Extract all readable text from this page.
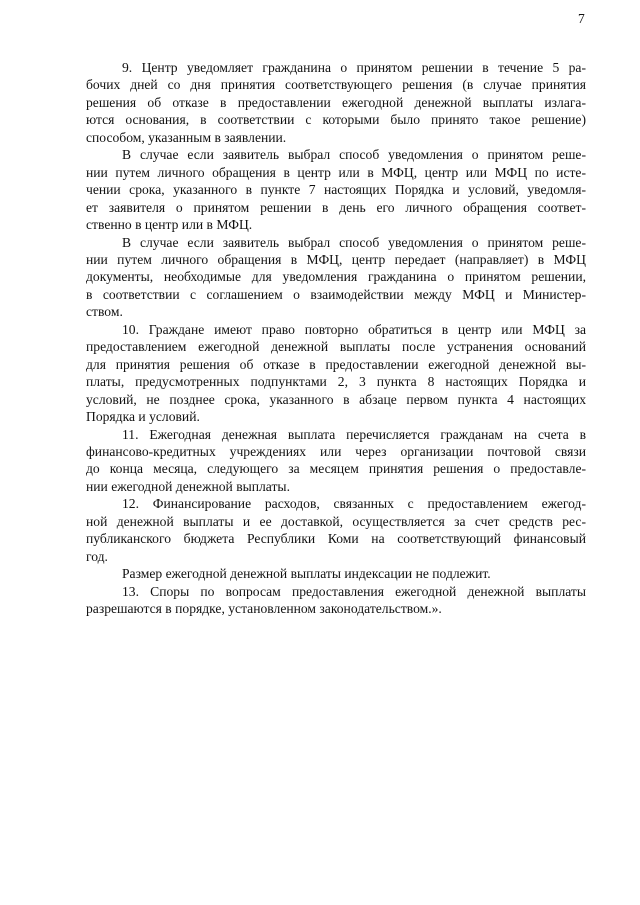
7

9. Центр уведомляет гражданина о принятом решении в течение 5 ра-
бочих дней со дня принятия соответствующего решения (в случае принятия
решения об отказе в предоставлении ежегодной денежной выплаты излага-
ются основания, в соответствии с которыми было принято такое решение)
способом, указанным в заявлении.

В случае если заявитель выбрал способ уведомления о принятом реше-
нии путем личного обращения в центр или в МФЦ, центр или МФЦ по исте-
чении срока, указанного в пункте 7 настоящих Порядка и условий, уведомля-
ет заявителя о принятом решении в день его личного обращения соответ-
ственно в центр или в МФЦ.

В случае если заявитель выбрал способ уведомления о принятом реше-
нии путем личного обращения в МФЦ, центр передает (направляет) в МФЦ
документы, необходимые для уведомления гражданина о принятом решении,
в соответствии с соглашением о взаимодействии между МФЦ и Министер-
ством.

10. Граждане имеют право повторно обратиться в центр или МФЦ за
предоставлением ежегодной денежной выплаты после устранения оснований
для принятия решения об отказе в предоставлении ежегодной денежной вы-
платы, предусмотренных подпунктами 2, 3 пункта 8 настоящих Порядка и
условий, не позднее срока, указанного в абзаце первом пункта 4 настоящих
Порядка и условий.

11. Ежегодная денежная выплата перечисляется гражданам на счета в
финансово-кредитных учреждениях или через организации почтовой связи
до конца месяца, следующего за месяцем принятия решения о предоставле-
нии ежегодной денежной выплаты.

12. Финансирование расходов, связанных с предоставлением ежегод-
ной денежной выплаты и ее доставкой, осуществляется за счет средств рес-
публиканского бюджета Республики Коми на соответствующий финансовый
год.

Размер ежегодной денежной выплаты индексации не подлежит.

13. Споры по вопросам предоставления ежегодной денежной выплаты
разрешаются в порядке, установленном законодательством.».
